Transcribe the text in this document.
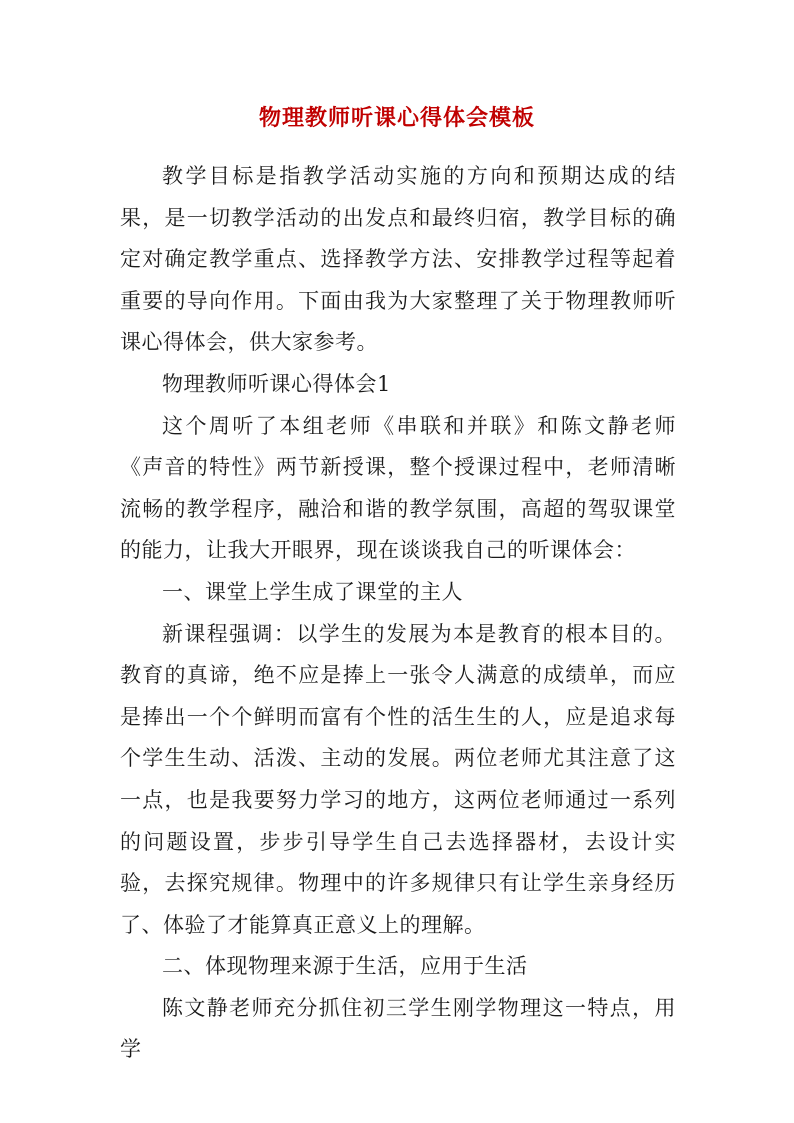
物理教师听课心得体会模板

教学目标是指教学活动实施的方向和预期达成的结果，是一切教学活动的出发点和最终归宿，教学目标的确定对确定教学重点、选择教学方法、安排教学过程等起着重要的导向作用。下面由我为大家整理了关于物理教师听课心得体会，供大家参考。

物理教师听课心得体会1

这个周听了本组老师《串联和并联》和陈文静老师《声音的特性》两节新授课，整个授课过程中，老师清晰流畅的教学程序，融洽和谐的教学氛围，高超的驾驭课堂的能力，让我大开眼界，现在谈谈我自己的听课体会：

一、课堂上学生成了课堂的主人

新课程强调：以学生的发展为本是教育的根本目的。教育的真谛，绝不应是捧上一张令人满意的成绩单，而应是捧出一个个鲜明而富有个性的活生生的人，应是追求每个学生生动、活泼、主动的发展。两位老师尤其注意了这一点，也是我要努力学习的地方，这两位老师通过一系列的问题设置，步步引导学生自己去选择器材，去设计实验，去探究规律。物理中的许多规律只有让学生亲身经历了、体验了才能算真正意义上的理解。

二、体现物理来源于生活，应用于生活

陈文静老师充分抓住初三学生刚学物理这一特点，用学
